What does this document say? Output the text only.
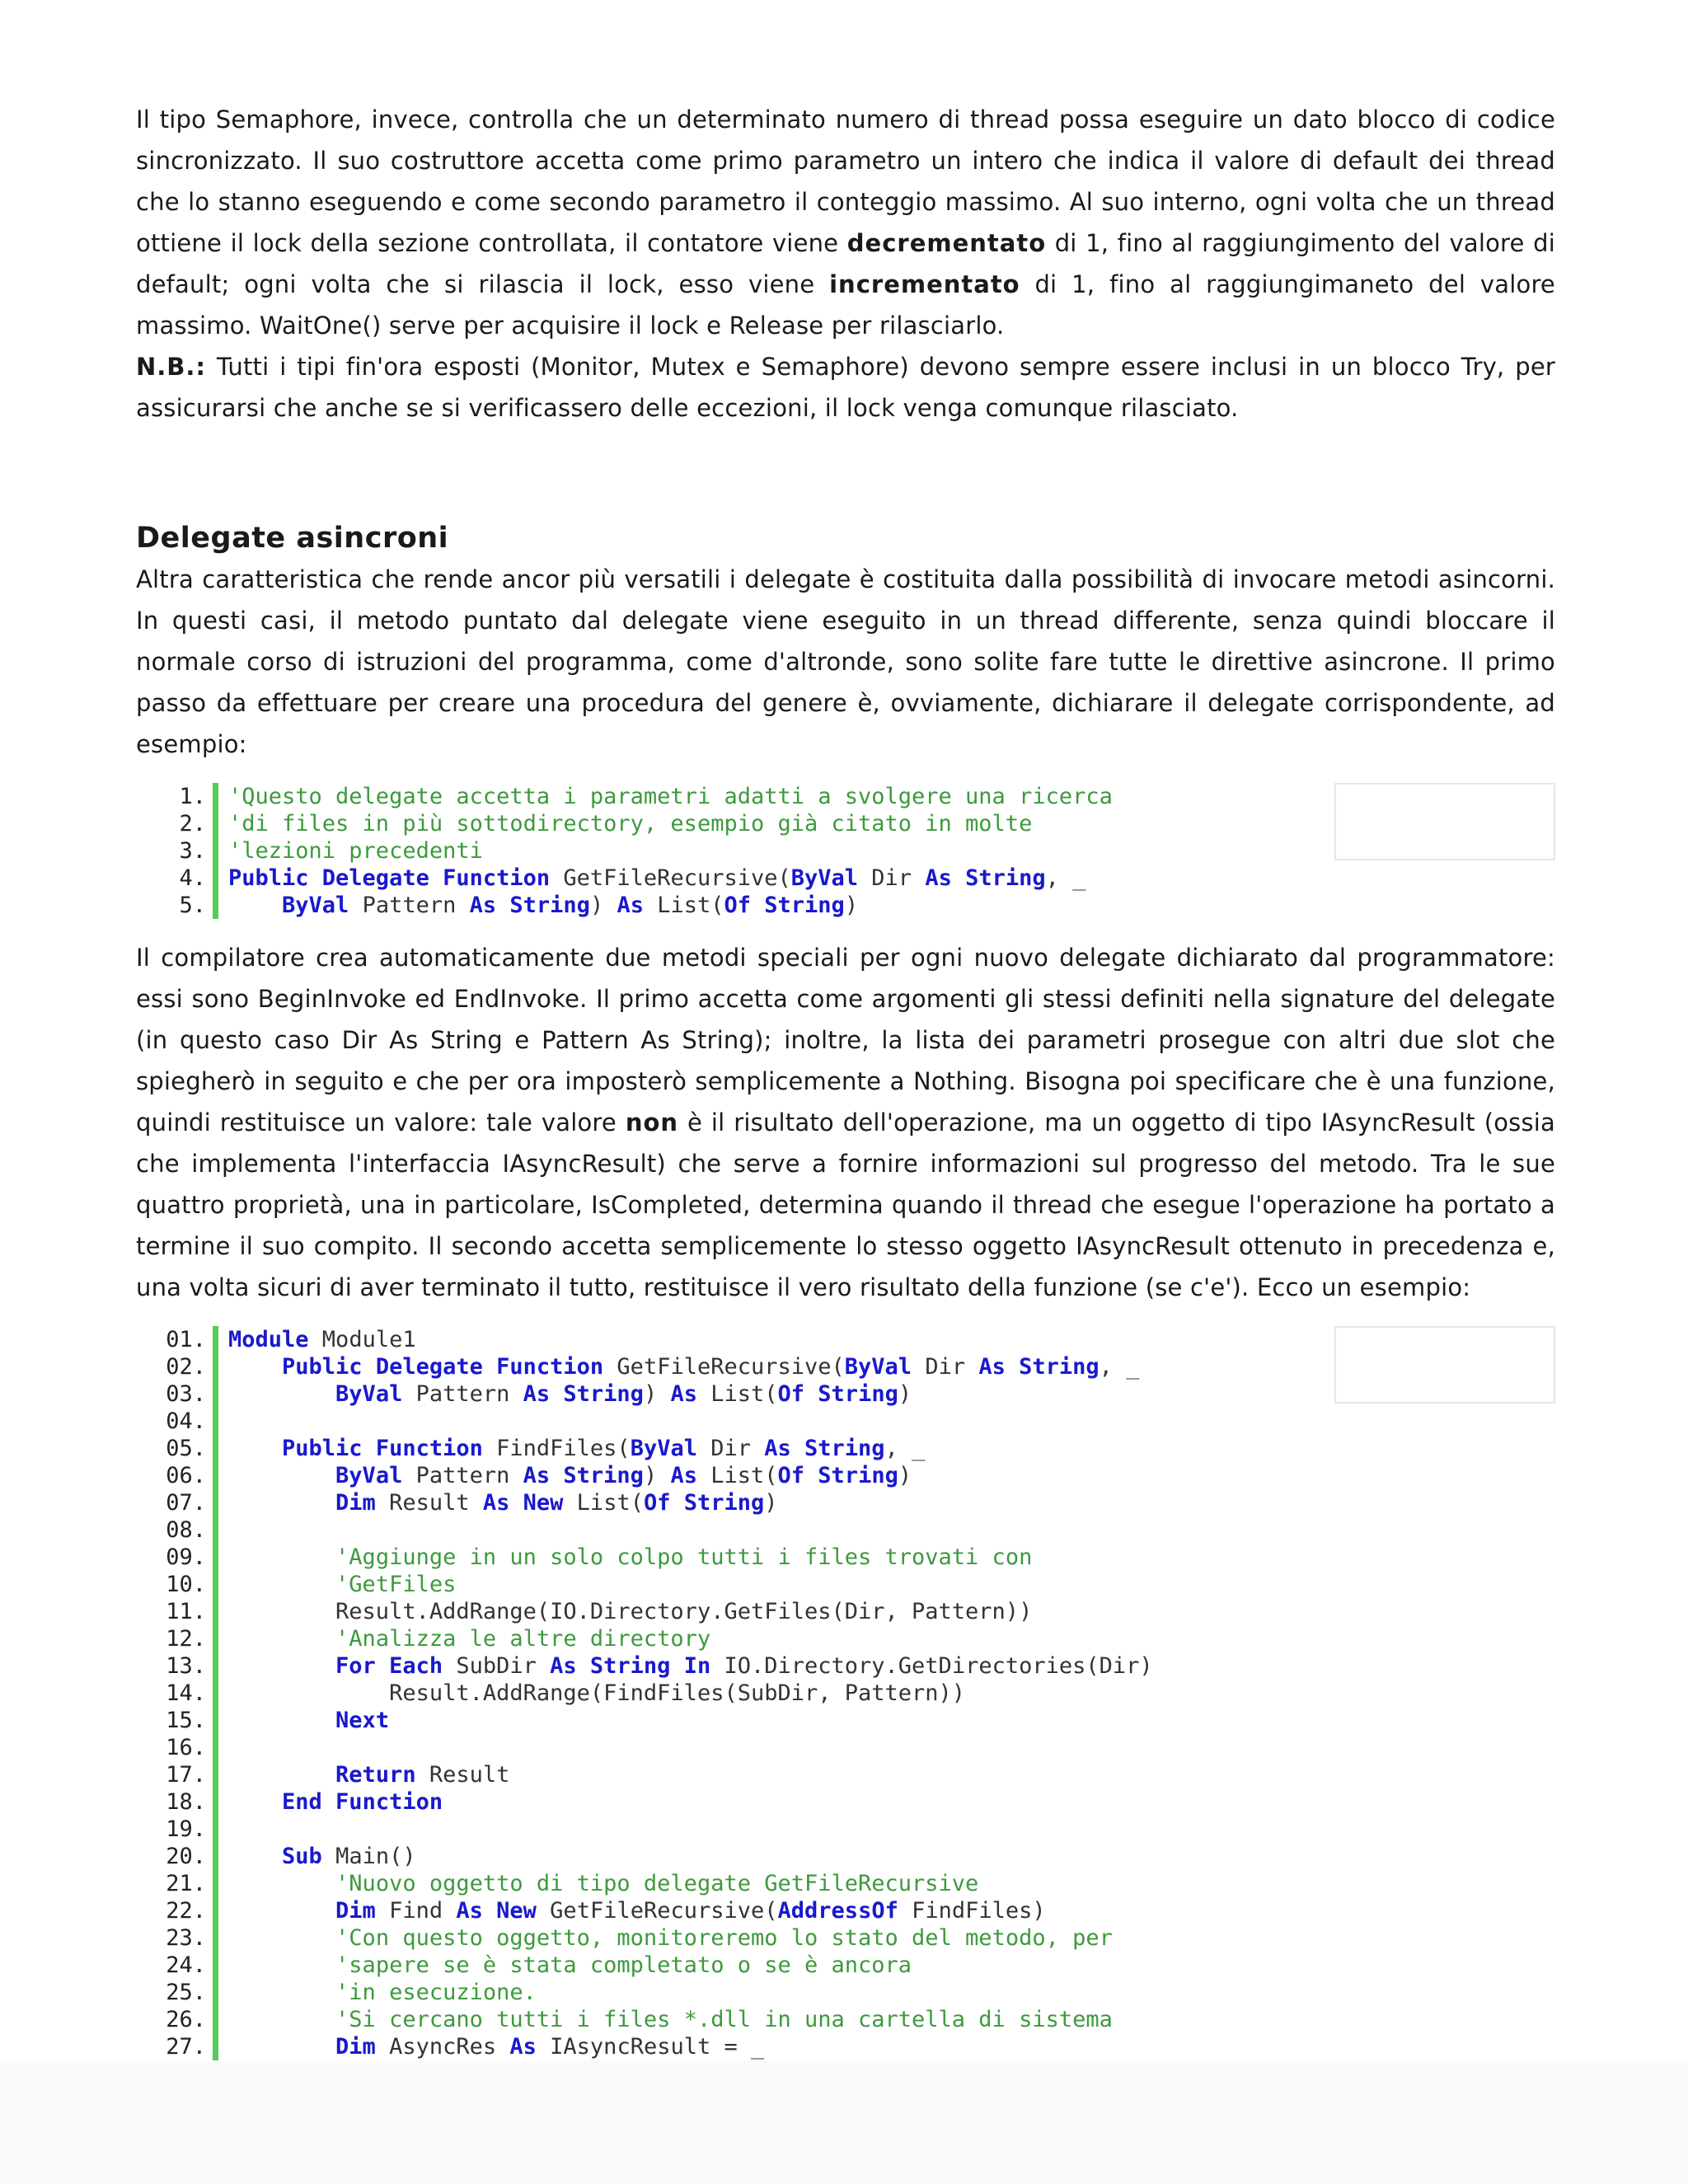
Il tipo Semaphore, invece, controlla che un determinato numero di thread possa eseguire un dato blocco di codice sincronizzato. Il suo costruttore accetta come primo parametro un intero che indica il valore di default dei thread che lo stanno eseguendo e come secondo parametro il conteggio massimo. Al suo interno, ogni volta che un thread ottiene il lock della sezione controllata, il contatore viene decrementato di 1, fino al raggiungimento del valore di default; ogni volta che si rilascia il lock, esso viene incrementato di 1, fino al raggiungimaneto del valore massimo. WaitOne() serve per acquisire il lock e Release per rilasciarlo.

N.B.: Tutti i tipi fin'ora esposti (Monitor, Mutex e Semaphore) devono sempre essere inclusi in un blocco Try, per assicurarsi che anche se si verificassero delle eccezioni, il lock venga comunque rilasciato.

Delegate asincroni

Altra caratteristica che rende ancor più versatili i delegate è costituita dalla possibilità di invocare metodi asincorni. In questi casi, il metodo puntato dal delegate viene eseguito in un thread differente, senza quindi bloccare il normale corso di istruzioni del programma, come d'altronde, sono solite fare tutte le direttive asincrone. Il primo passo da effettuare per creare una procedura del genere è, ovviamente, dichiarare il delegate corrispondente, ad esempio:

1. 'Questo delegate accetta i parametri adatti a svolgere una ricerca
2. 'di files in più sottodirectory, esempio già citato in molte
3. 'lezioni precedenti
4. Public Delegate Function GetFileRecursive(ByVal Dir As String, _
5.	ByVal Pattern As String) As List(Of String)

Il compilatore crea automaticamente due metodi speciali per ogni nuovo delegate dichiarato dal programmatore: essi sono BeginInvoke ed EndInvoke. Il primo accetta come argomenti gli stessi definiti nella signature del delegate (in questo caso Dir As String e Pattern As String); inoltre, la lista dei parametri prosegue con altri due slot che spiegherò in seguito e che per ora imposterò semplicemente a Nothing. Bisogna poi specificare che è una funzione, quindi restituisce un valore: tale valore non è il risultato dell'operazione, ma un oggetto di tipo IAsyncResult (ossia che implementa l'interfaccia IAsyncResult) che serve a fornire informazioni sul progresso del metodo. Tra le sue quattro proprietà, una in particolare, IsCompleted, determina quando il thread che esegue l'operazione ha portato a termine il suo compito. Il secondo accetta semplicemente lo stesso oggetto IAsyncResult ottenuto in precedenza e, una volta sicuri di aver terminato il tutto, restituisce il vero risultato della funzione (se c'e'). Ecco un esempio:

01. Module Module1
02.	Public Delegate Function GetFileRecursive(ByVal Dir As String, _
03.	ByVal Pattern As String) As List(Of String)
04.
05.	Public Function FindFiles(ByVal Dir As String, _
06.	ByVal Pattern As String) As List(Of String)
07.	Dim Result As New List(Of String)
08.
09.	'Aggiunge in un solo colpo tutti i files trovati con
10.	'GetFiles
11. Result.AddRange(IO.Directory.GetFiles(Dir, Pattern))
12.	'Analizza le altre directory
13.	For Each SubDir As String In IO.Directory.GetDirectories(Dir)
14. Result.AddRange(FindFiles(SubDir, Pattern))
15.	Next
16.
17.	Return Result
18.	End Function
19.
20.	Sub Main()
21.	'Nuovo oggetto di tipo delegate GetFileRecursive
22.	Dim Find As New GetFileRecursive(AddressOf FindFiles)
23.	'Con questo oggetto, monitoreremo lo stato del metodo, per
24.	'sapere se è stata completato o se è ancora
25.	'in esecuzione.
26.	'Si cercano tutti i files *.dll in una cartella di sistema
27.	Dim AsyncRes As IAsyncResult = _
